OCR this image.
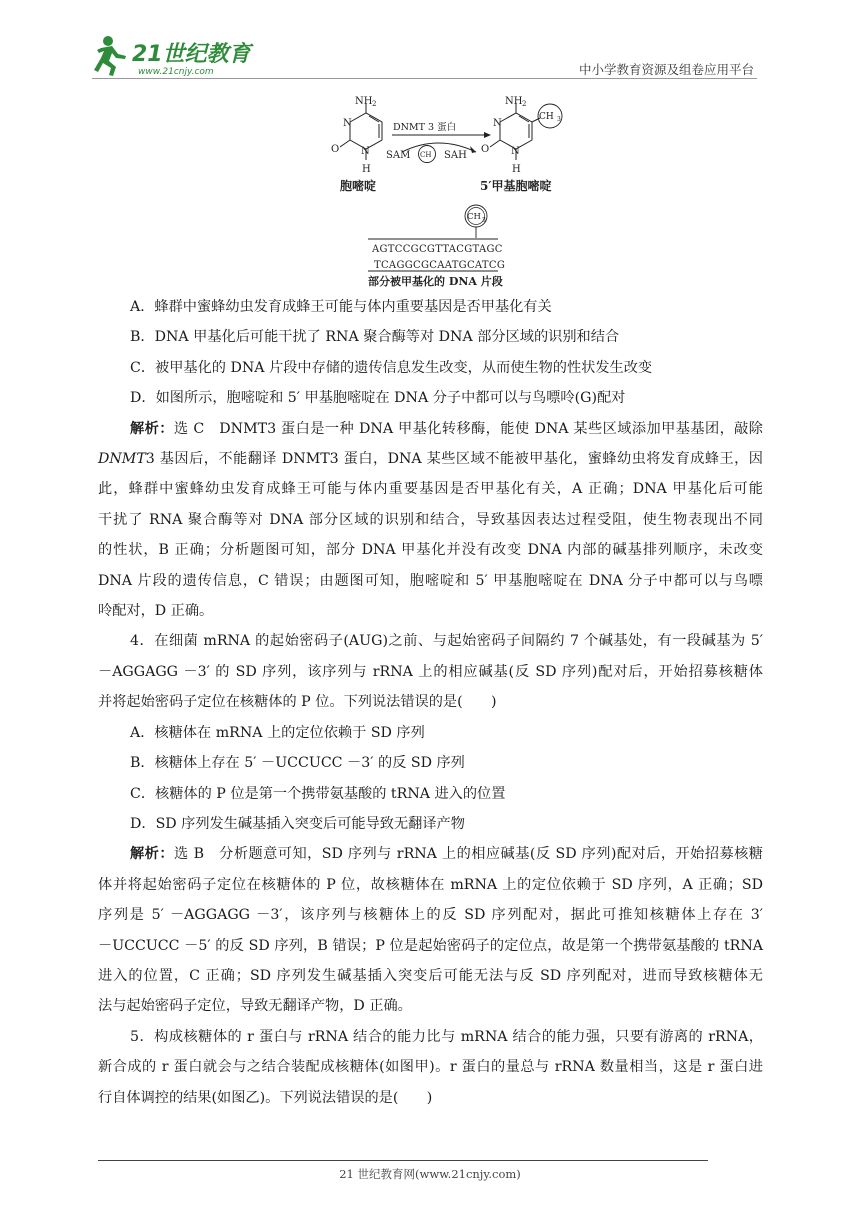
21世纪教育
www.21cnjy.com	中小学教育资源及组卷应用平台
NH 2
N
N
O
H
胞嘧啶
DNMT 3 蛋白
SAM CH SAH
NH 2
CH 3
N
N
O
H
5′甲基胞嘧啶
CH 3
AGTCCGCGTTACGTAGC
TCAGGCGCAATGCATCG
部分被甲基化的 DNA 片段
A．蜂群中蜜蜂幼虫发育成蜂王可能与体内重要基因是否甲基化有关
B．DNA 甲基化后可能干扰了 RNA 聚合酶等对 DNA 部分区域的识别和结合
C．被甲基化的 DNA 片段中存储的遗传信息发生改变，从而使生物的性状发生改变
D．如图所示，胞嘧啶和 5′ 甲基胞嘧啶在 DNA 分子中都可以与鸟嘌呤(G)配对
解析：选 C　DNMT3 蛋白是一种 DNA 甲基化转移酶，能使 DNA 某些区域添加甲基基团，敲除
DNMT3 基因后，不能翻译 DNMT3 蛋白，DNA 某些区域不能被甲基化，蜜蜂幼虫将发育成蜂王，因
此，蜂群中蜜蜂幼虫发育成蜂王可能与体内重要基因是否甲基化有关，A 正确；DNA 甲基化后可能
干扰了 RNA 聚合酶等对 DNA 部分区域的识别和结合，导致基因表达过程受阻，使生物表现出不同
的性状，B 正确；分析题图可知，部分 DNA 甲基化并没有改变 DNA 内部的碱基排列顺序，未改变
DNA 片段的遗传信息，C 错误；由题图可知，胞嘧啶和 5′ 甲基胞嘧啶在 DNA 分子中都可以与鸟嘌
呤配对，D 正确。
4．在细菌 mRNA 的起始密码子(AUG)之前、与起始密码子间隔约 7 个碱基处，有一段碱基为 5′
－AGGAGG －3′ 的 SD 序列，该序列与 rRNA 上的相应碱基(反 SD 序列)配对后，开始招募核糖体
并将起始密码子定位在核糖体的 P 位。下列说法错误的是(　　)
A．核糖体在 mRNA 上的定位依赖于 SD 序列
B．核糖体上存在 5′ －UCCUCC －3′ 的反 SD 序列
C．核糖体的 P 位是第一个携带氨基酸的 tRNA 进入的位置
D．SD 序列发生碱基插入突变后可能导致无翻译产物
解析：选 B　分析题意可知，SD 序列与 rRNA 上的相应碱基(反 SD 序列)配对后，开始招募核糖
体并将起始密码子定位在核糖体的 P 位，故核糖体在 mRNA 上的定位依赖于 SD 序列，A 正确；SD
序列是 5′ －AGGAGG －3′，该序列与核糖体上的反 SD 序列配对，据此可推知核糖体上存在 3′
－UCCUCC －5′ 的反 SD 序列，B 错误；P 位是起始密码子的定位点，故是第一个携带氨基酸的 tRNA
进入的位置，C 正确；SD 序列发生碱基插入突变后可能无法与反 SD 序列配对，进而导致核糖体无
法与起始密码子定位，导致无翻译产物，D 正确。
5．构成核糖体的 r 蛋白与 rRNA 结合的能力比与 mRNA 结合的能力强，只要有游离的 rRNA，
新合成的 r 蛋白就会与之结合装配成核糖体(如图甲)。r 蛋白的量总与 rRNA 数量相当，这是 r 蛋白进
行自体调控的结果(如图乙)。下列说法错误的是(　　)
21 世纪教育网(www.21cnjy.com)
